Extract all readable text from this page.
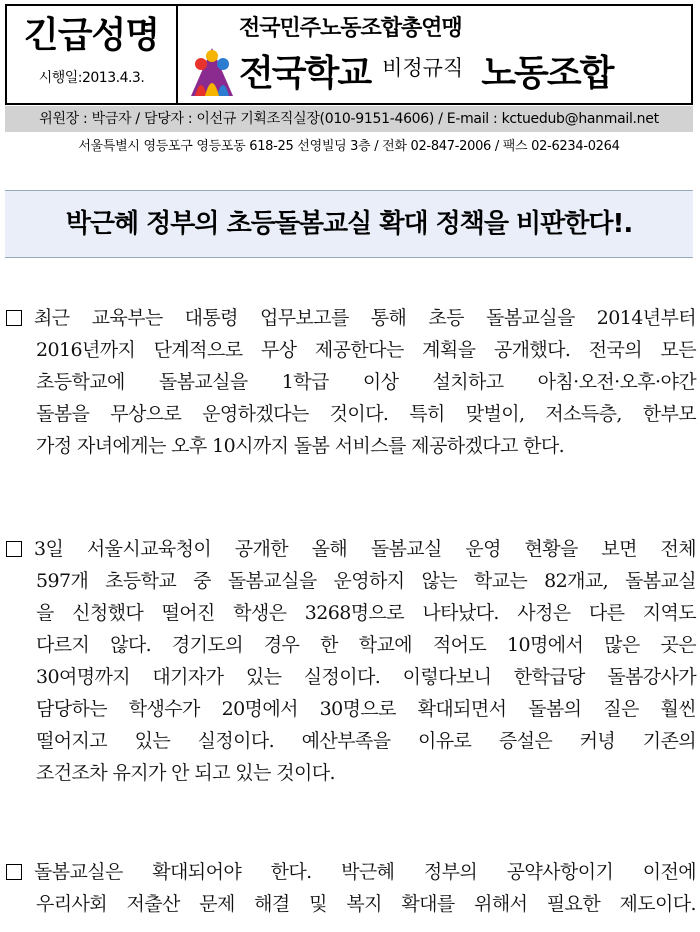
긴급성명
시행일:2013.4.3.
전국민주노동조합총연맹
전국학교 비정규직 노동조합
위원장 : 박금자 / 담당자 : 이선규 기획조직실장(010-9151-4606) / E-mail : kctuedub@hanmail.net
서울특별시 영등포구 영등포동 618-25 선영빌딩 3층 / 전화 02-847-2006 / 팩스 02-6234-0264
박근혜 정부의 초등돌봄교실 확대 정책을 비판한다!.
최근 교육부는 대통령 업무보고를 통해 초등 돌봄교실을 2014년부터
2016년까지 단계적으로 무상 제공한다는 계획을 공개했다. 전국의 모든
초등학교에 돌봄교실을 1학급 이상 설치하고 아침·오전·오후·야간
돌봄을 무상으로 운영하겠다는 것이다. 특히 맞벌이, 저소득층, 한부모
가정 자녀에게는 오후 10시까지 돌봄 서비스를 제공하겠다고 한다.
3일 서울시교육청이 공개한 올해 돌봄교실 운영 현황을 보면 전체
597개 초등학교 중 돌봄교실을 운영하지 않는 학교는 82개교, 돌봄교실
을 신청했다 떨어진 학생은 3268명으로 나타났다. 사정은 다른 지역도
다르지 않다. 경기도의 경우 한 학교에 적어도 10명에서 많은 곳은
30여명까지 대기자가 있는 실정이다. 이렇다보니 한학급당 돌봄강사가
담당하는 학생수가 20명에서 30명으로 확대되면서 돌봄의 질은 훨씬
떨어지고 있는 실정이다. 예산부족을 이유로 증설은 커녕 기존의
조건조차 유지가 안 되고 있는 것이다.
돌봄교실은 확대되어야 한다. 박근혜 정부의 공약사항이기 이전에
우리사회 저출산 문제 해결 및 복지 확대를 위해서 필요한 제도이다.
